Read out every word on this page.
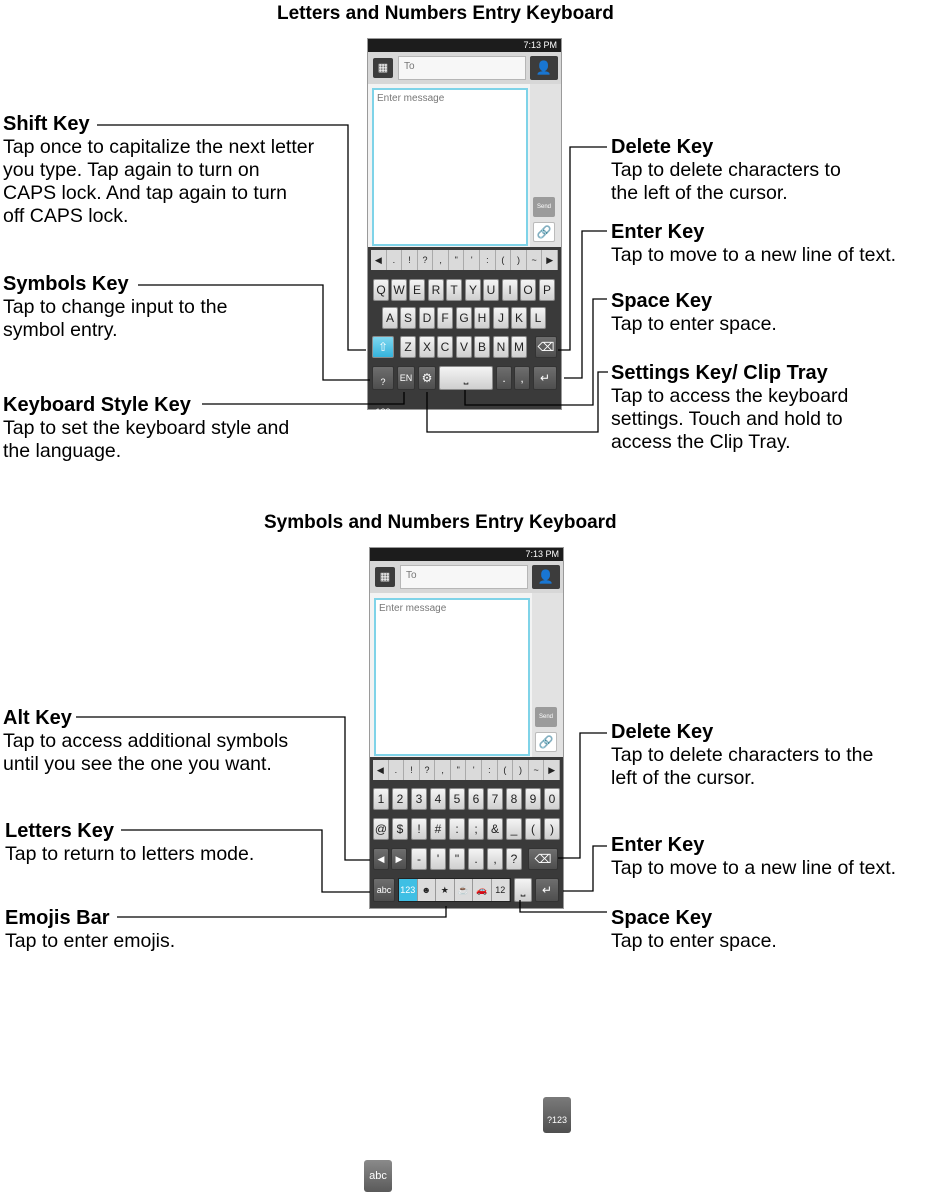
Letters and Numbers Entry Keyboard
Shift Key
Tap once to capitalize the next letter
you type. Tap again to turn on
CAPS lock. And tap again to turn
off CAPS lock.
Symbols Key
Tap to change input to the
symbol entry.
Keyboard Style Key
Tap to set the keyboard style and
the language.
Delete Key
Tap to delete characters to
the left of the cursor.
Enter Key
Tap to move to a new line of text.
Space Key
Tap to enter space.
Settings Key/ Clip Tray
Tap to access the keyboard
settings. Touch and hold to
access the Clip Tray.
7:13 PM
▦	To	👤
Enter message
Send
🔗
◀	.	!	?	,	"	'	:	(	)	~	▶
Q W E R T Y U	I O P
A S D F G H J K L
⇧	Z X C V B N M ⌫
?123
EN ⚙	⎵	.	,	↵
Symbols and Numbers Entry Keyboard
Alt Key
Tap to access additional symbols
until you see the one you want.
Letters Key
Tap to return to letters mode.
Emojis Bar
Tap to enter emojis.
Delete Key
Tap to delete characters to the
left of the cursor.
Enter Key
Tap to move to a new line of text.
Space Key
Tap to enter space.
7:13 PM
▦	To	👤
Enter message
Send
🔗
◀	.	!	?	,	"	'	:	(	)	~	▶
1	2	3	4	5	6	7	8	9	0
@ $	!	#	:	;	& _	(	)
◀	▶	-	'	"	.	,	?	⌫
abc 123 ☻	★ ☕ 🚗 12	⎵	↵
?123
abc
